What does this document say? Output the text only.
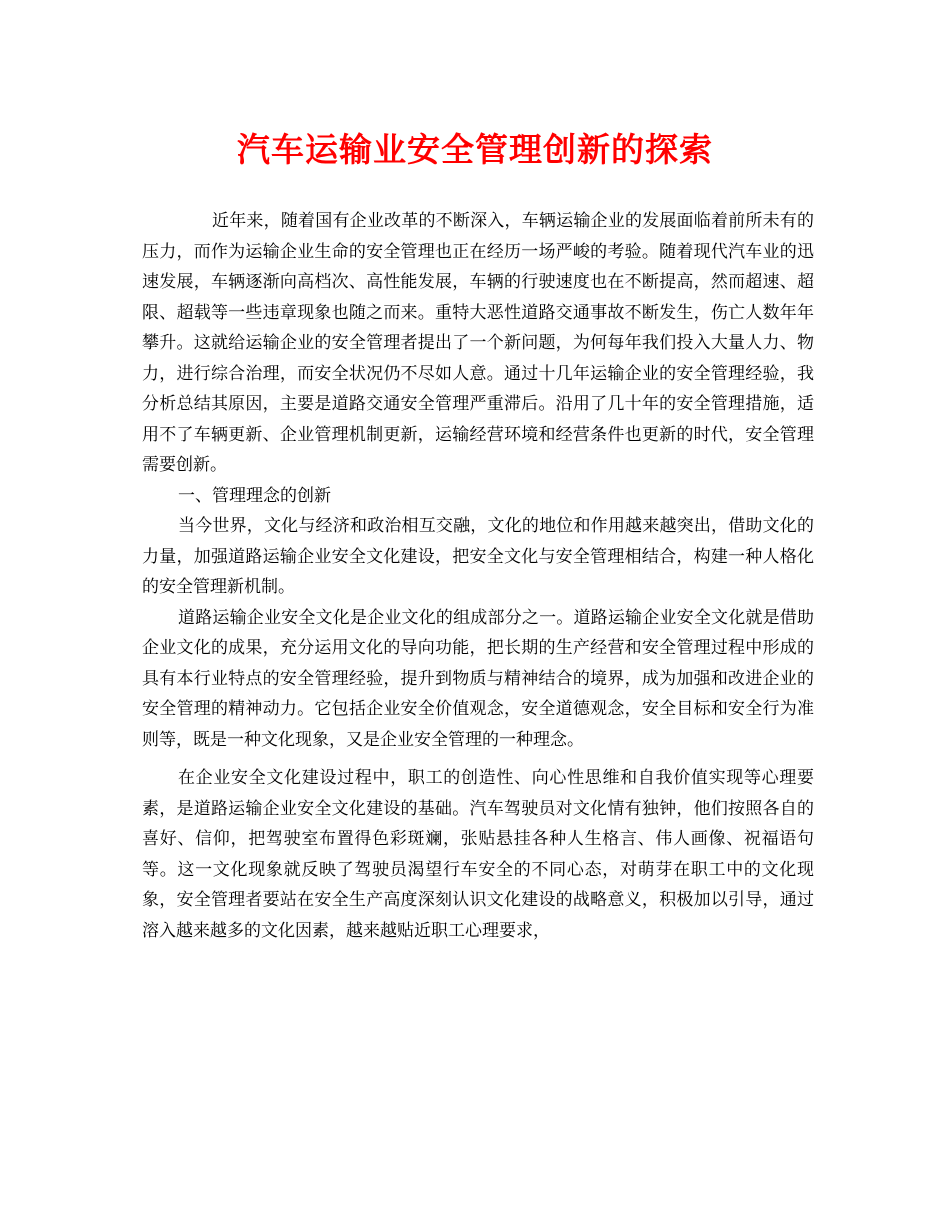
汽车运输业安全管理创新的探索

近年来，随着国有企业改革的不断深入，车辆运输企业的发展面临着前所未有的压力，而作为运输企业生命的安全管理也正在经历一场严峻的考验。随着现代汽车业的迅速发展，车辆逐渐向高档次、高性能发展，车辆的行驶速度也在不断提高，然而超速、超限、超载等一些违章现象也随之而来。重特大恶性道路交通事故不断发生，伤亡人数年年攀升。这就给运输企业的安全管理者提出了一个新问题，为何每年我们投入大量人力、物力，进行综合治理，而安全状况仍不尽如人意。通过十几年运输企业的安全管理经验，我分析总结其原因，主要是道路交通安全管理严重滞后。沿用了几十年的安全管理措施，适用不了车辆更新、企业管理机制更新，运输经营环境和经营条件也更新的时代，安全管理需要创新。

一、管理理念的创新

当今世界，文化与经济和政治相互交融，文化的地位和作用越来越突出，借助文化的力量，加强道路运输企业安全文化建设，把安全文化与安全管理相结合，构建一种人格化的安全管理新机制。

道路运输企业安全文化是企业文化的组成部分之一。道路运输企业安全文化就是借助企业文化的成果，充分运用文化的导向功能，把长期的生产经营和安全管理过程中形成的具有本行业特点的安全管理经验，提升到物质与精神结合的境界，成为加强和改进企业的安全管理的精神动力。它包括企业安全价值观念，安全道德观念，安全目标和安全行为准则等，既是一种文化现象，又是企业安全管理的一种理念。

在企业安全文化建设过程中，职工的创造性、向心性思维和自我价值实现等心理要素，是道路运输企业安全文化建设的基础。汽车驾驶员对文化情有独钟，他们按照各自的喜好、信仰，把驾驶室布置得色彩斑斓，张贴悬挂各种人生格言、伟人画像、祝福语句等。这一文化现象就反映了驾驶员渴望行车安全的不同心态，对萌芽在职工中的文化现象，安全管理者要站在安全生产高度深刻认识文化建设的战略意义，积极加以引导，通过溶入越来越多的文化因素，越来越贴近职工心理要求，
